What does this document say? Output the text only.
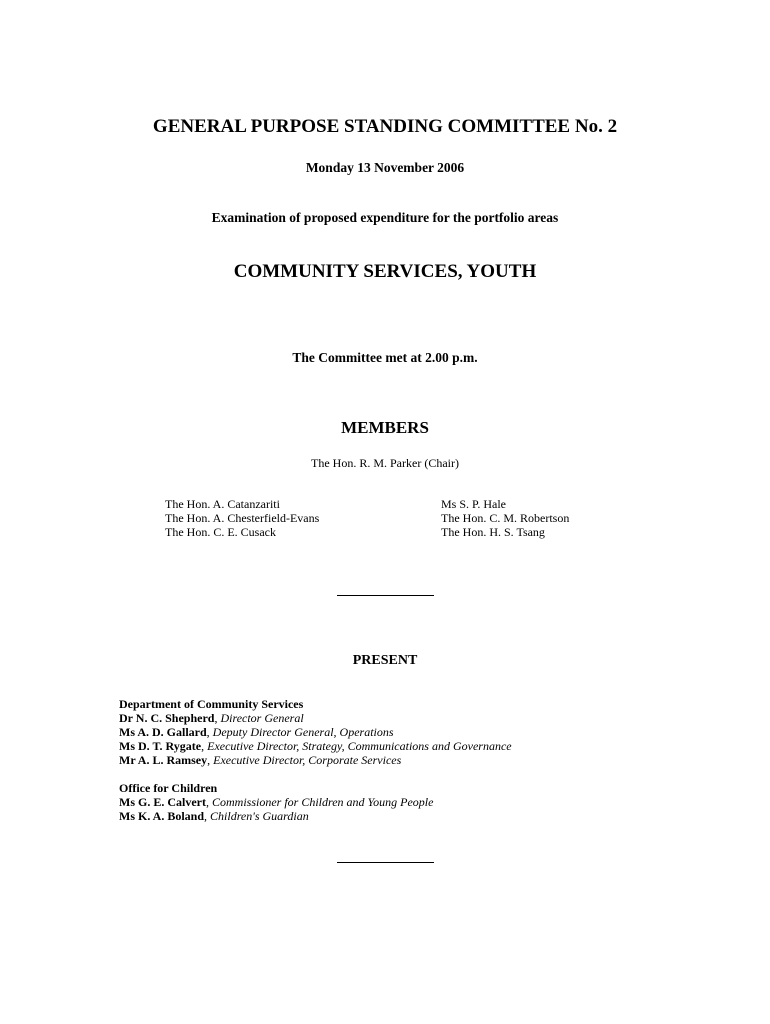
GENERAL PURPOSE STANDING COMMITTEE No. 2
Monday 13 November 2006
Examination of proposed expenditure for the portfolio areas
COMMUNITY SERVICES, YOUTH
The Committee met at 2.00 p.m.
MEMBERS
The Hon. R. M. Parker (Chair)
The Hon. A. Catanzariti
The Hon. A. Chesterfield-Evans
The Hon. C. E. Cusack
Ms S. P. Hale
The Hon. C. M. Robertson
The Hon. H. S. Tsang
PRESENT
Department of Community Services
Dr N. C. Shepherd, Director General
Ms A. D. Gallard, Deputy Director General, Operations
Ms D. T. Rygate, Executive Director, Strategy, Communications and Governance
Mr A. L. Ramsey, Executive Director, Corporate Services
Office for Children
Ms G. E. Calvert, Commissioner for Children and Young People
Ms K. A. Boland, Children's Guardian
